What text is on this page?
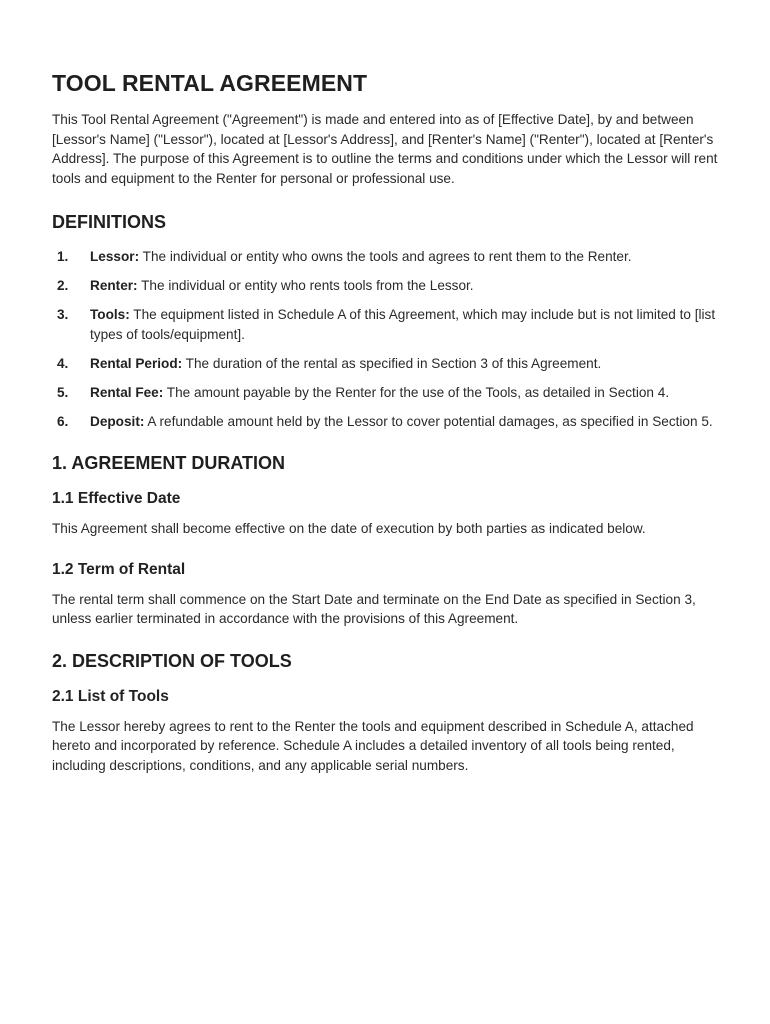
TOOL RENTAL AGREEMENT

This Tool Rental Agreement ("Agreement") is made and entered into as of [Effective Date], by and between [Lessor's Name] ("Lessor"), located at [Lessor's Address], and [Renter's Name] ("Renter"), located at [Renter's Address]. The purpose of this Agreement is to outline the terms and conditions under which the Lessor will rent tools and equipment to the Renter for personal or professional use.

DEFINITIONS
1. Lessor: The individual or entity who owns the tools and agrees to rent them to the Renter.
2. Renter: The individual or entity who rents tools from the Lessor.
3. Tools: The equipment listed in Schedule A of this Agreement, which may include but is not limited to [list types of tools/equipment].
4. Rental Period: The duration of the rental as specified in Section 3 of this Agreement.
5. Rental Fee: The amount payable by the Renter for the use of the Tools, as detailed in Section 4.
6. Deposit: A refundable amount held by the Lessor to cover potential damages, as specified in Section 5.
1. AGREEMENT DURATION
1.1 Effective Date

This Agreement shall become effective on the date of execution by both parties as indicated below.

1.2 Term of Rental

The rental term shall commence on the Start Date and terminate on the End Date as specified in Section 3, unless earlier terminated in accordance with the provisions of this Agreement.

2. DESCRIPTION OF TOOLS
2.1 List of Tools

The Lessor hereby agrees to rent to the Renter the tools and equipment described in Schedule A, attached hereto and incorporated by reference. Schedule A includes a detailed inventory of all tools being rented, including descriptions, conditions, and any applicable serial numbers.
